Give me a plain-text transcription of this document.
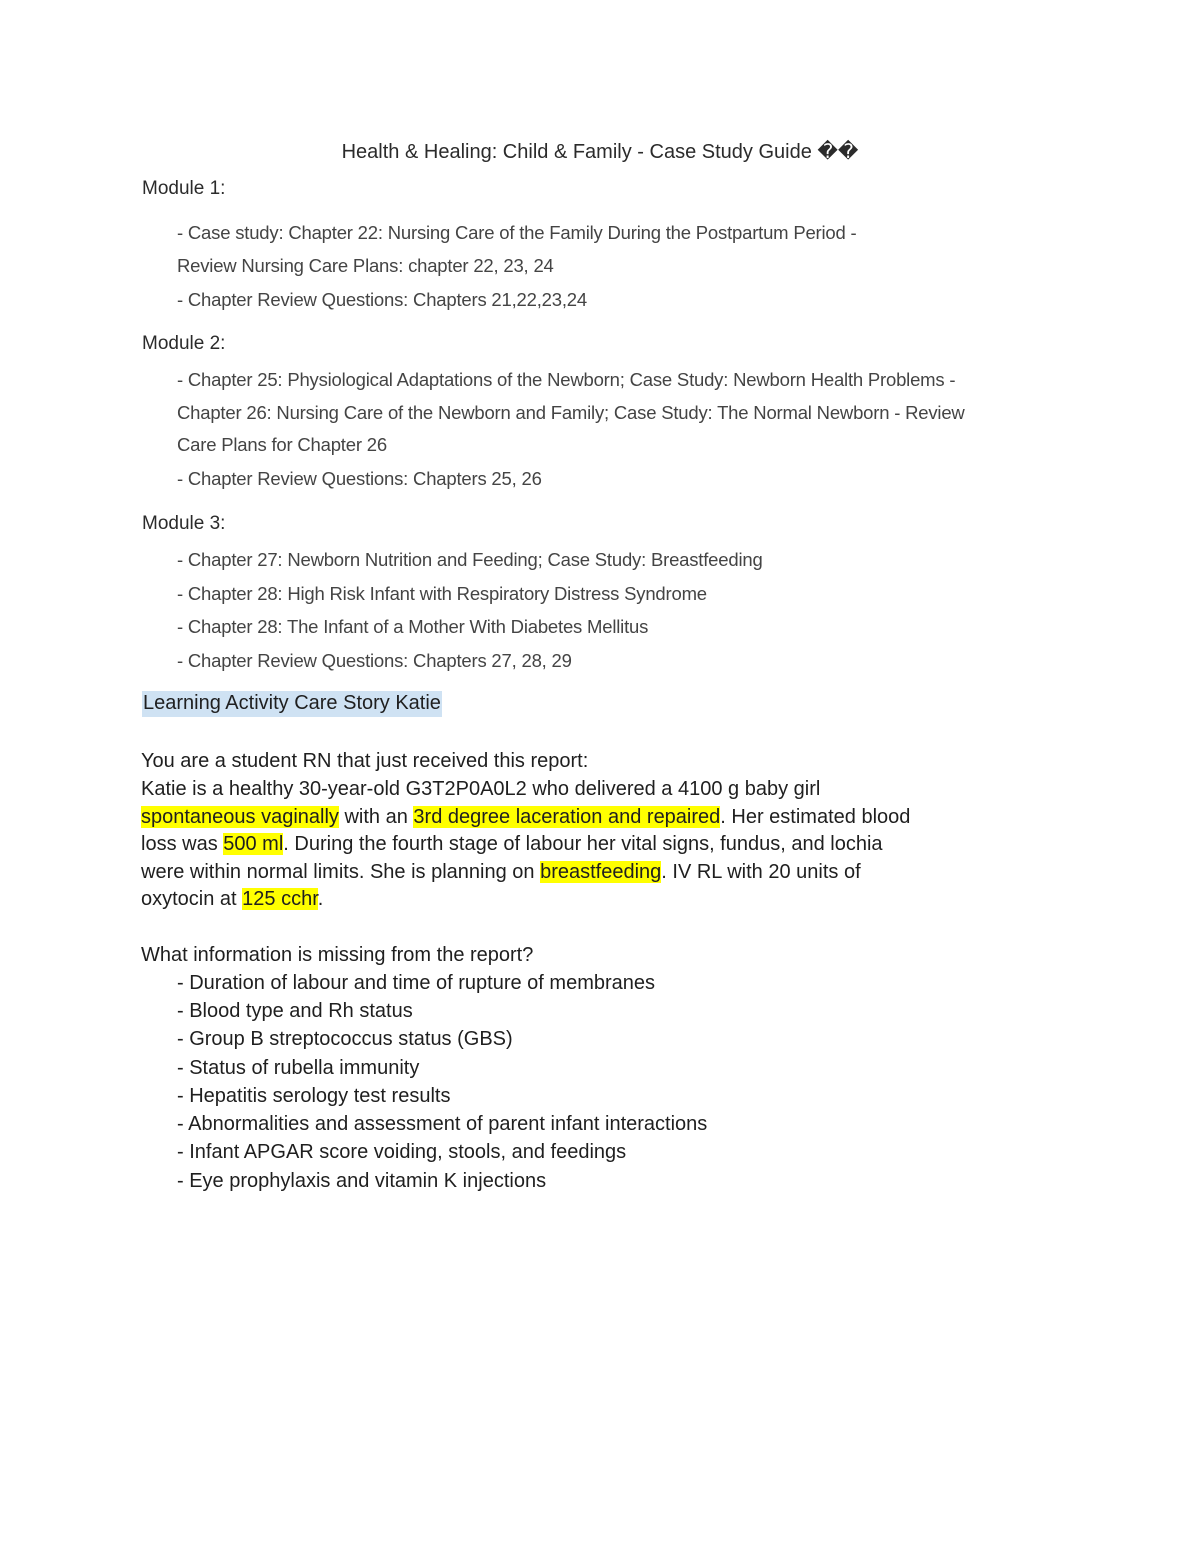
Health & Healing: Child & Family - Case Study Guide ��
Module 1:
- Case study: Chapter 22: Nursing Care of the Family During the Postpartum Period -
Review Nursing Care Plans: chapter 22, 23, 24
- Chapter Review Questions: Chapters 21,22,23,24
Module 2:
- Chapter 25: Physiological Adaptations of the Newborn; Case Study: Newborn Health Problems -
Chapter 26: Nursing Care of the Newborn and Family; Case Study: The Normal Newborn - Review
Care Plans for Chapter 26
- Chapter Review Questions: Chapters 25, 26
Module 3:
- Chapter 27: Newborn Nutrition and Feeding; Case Study: Breastfeeding
- Chapter 28: High Risk Infant with Respiratory Distress Syndrome
- Chapter 28: The Infant of a Mother With Diabetes Mellitus
- Chapter Review Questions: Chapters 27, 28, 29
Learning Activity Care Story Katie
You are a student RN that just received this report:
Katie is a healthy 30-year-old G3T2P0A0L2 who delivered a 4100 g baby girl
spontaneous vaginally with an 3rd degree laceration and repaired. Her estimated blood
loss was 500 ml. During the fourth stage of labour her vital signs, fundus, and lochia
were within normal limits. She is planning on breastfeeding. IV RL with 20 units of
oxytocin at 125 cchr.
What information is missing from the report?
- Duration of labour and time of rupture of membranes
- Blood type and Rh status
- Group B streptococcus status (GBS)
- Status of rubella immunity
- Hepatitis serology test results
- Abnormalities and assessment of parent infant interactions
- Infant APGAR score voiding, stools, and feedings
- Eye prophylaxis and vitamin K injections
